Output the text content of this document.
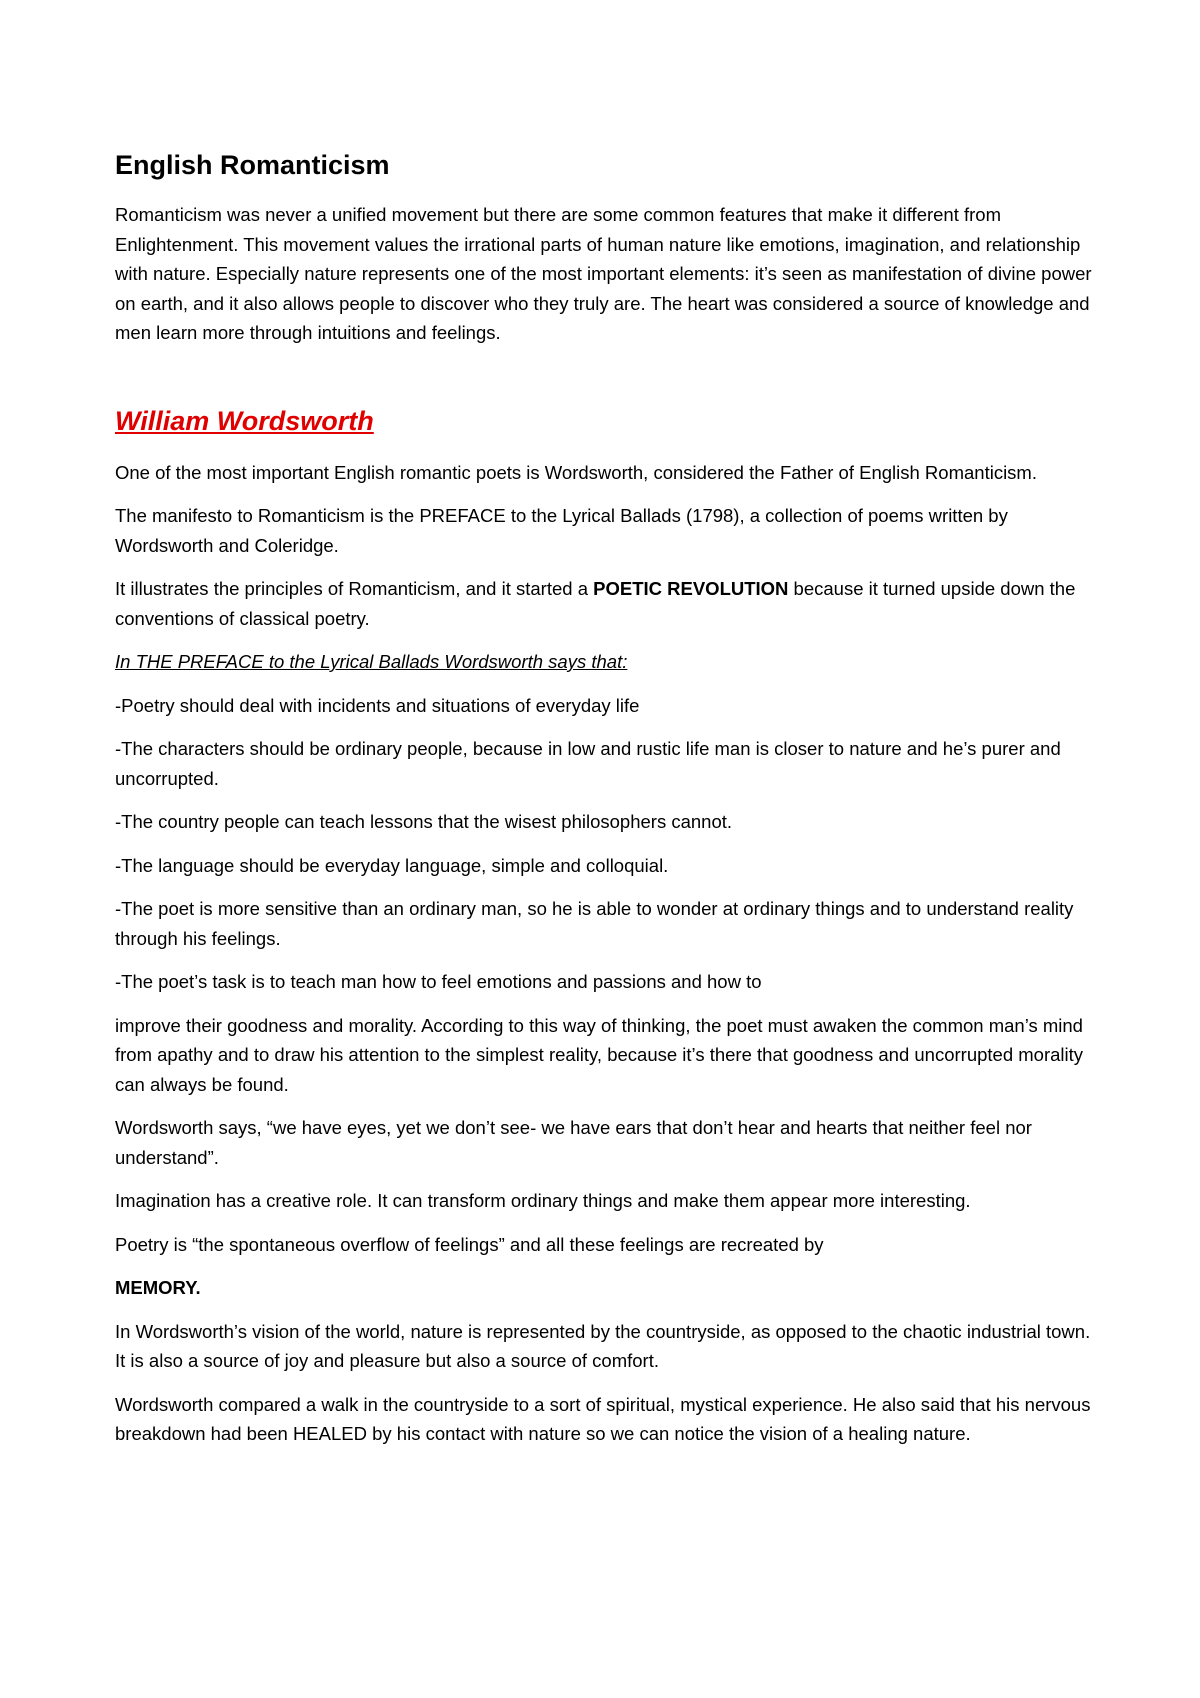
English Romanticism

Romanticism was never a unified movement but there are some common features that make it different from Enlightenment. This movement values the irrational parts of human nature like emotions, imagination, and relationship with nature. Especially nature represents one of the most important elements: it’s seen as manifestation of divine power on earth, and it also allows people to discover who they truly are. The heart was considered a source of knowledge and men learn more through intuitions and feelings.

William Wordsworth

One of the most important English romantic poets is Wordsworth, considered the Father of English Romanticism.

The manifesto to Romanticism is the PREFACE to the Lyrical Ballads (1798), a collection of poems written by Wordsworth and Coleridge.

It illustrates the principles of Romanticism, and it started a POETIC REVOLUTION because it turned upside down the conventions of classical poetry.

In THE PREFACE to the Lyrical Ballads Wordsworth says that:

-Poetry should deal with incidents and situations of everyday life

-The characters should be ordinary people, because in low and rustic life man is closer to nature and he’s purer and uncorrupted.

-The country people can teach lessons that the wisest philosophers cannot.

-The language should be everyday language, simple and colloquial.

-The poet is more sensitive than an ordinary man, so he is able to wonder at ordinary things and to understand reality through his feelings.

-The poet’s task is to teach man how to feel emotions and passions and how to

improve their goodness and morality. According to this way of thinking, the poet must awaken the common man’s mind from apathy and to draw his attention to the simplest reality, because it’s there that goodness and uncorrupted morality can always be found.

Wordsworth says, “we have eyes, yet we don’t see- we have ears that don’t hear and hearts that neither feel nor understand”.

Imagination has a creative role. It can transform ordinary things and make them appear more interesting.

Poetry is “the spontaneous overflow of feelings” and all these feelings are recreated by

MEMORY.

In Wordsworth’s vision of the world, nature is represented by the countryside, as opposed to the chaotic industrial town. It is also a source of joy and pleasure but also a source of comfort.

Wordsworth compared a walk in the countryside to a sort of spiritual, mystical experience. He also said that his nervous breakdown had been HEALED by his contact with nature so we can notice the vision of a healing nature.
